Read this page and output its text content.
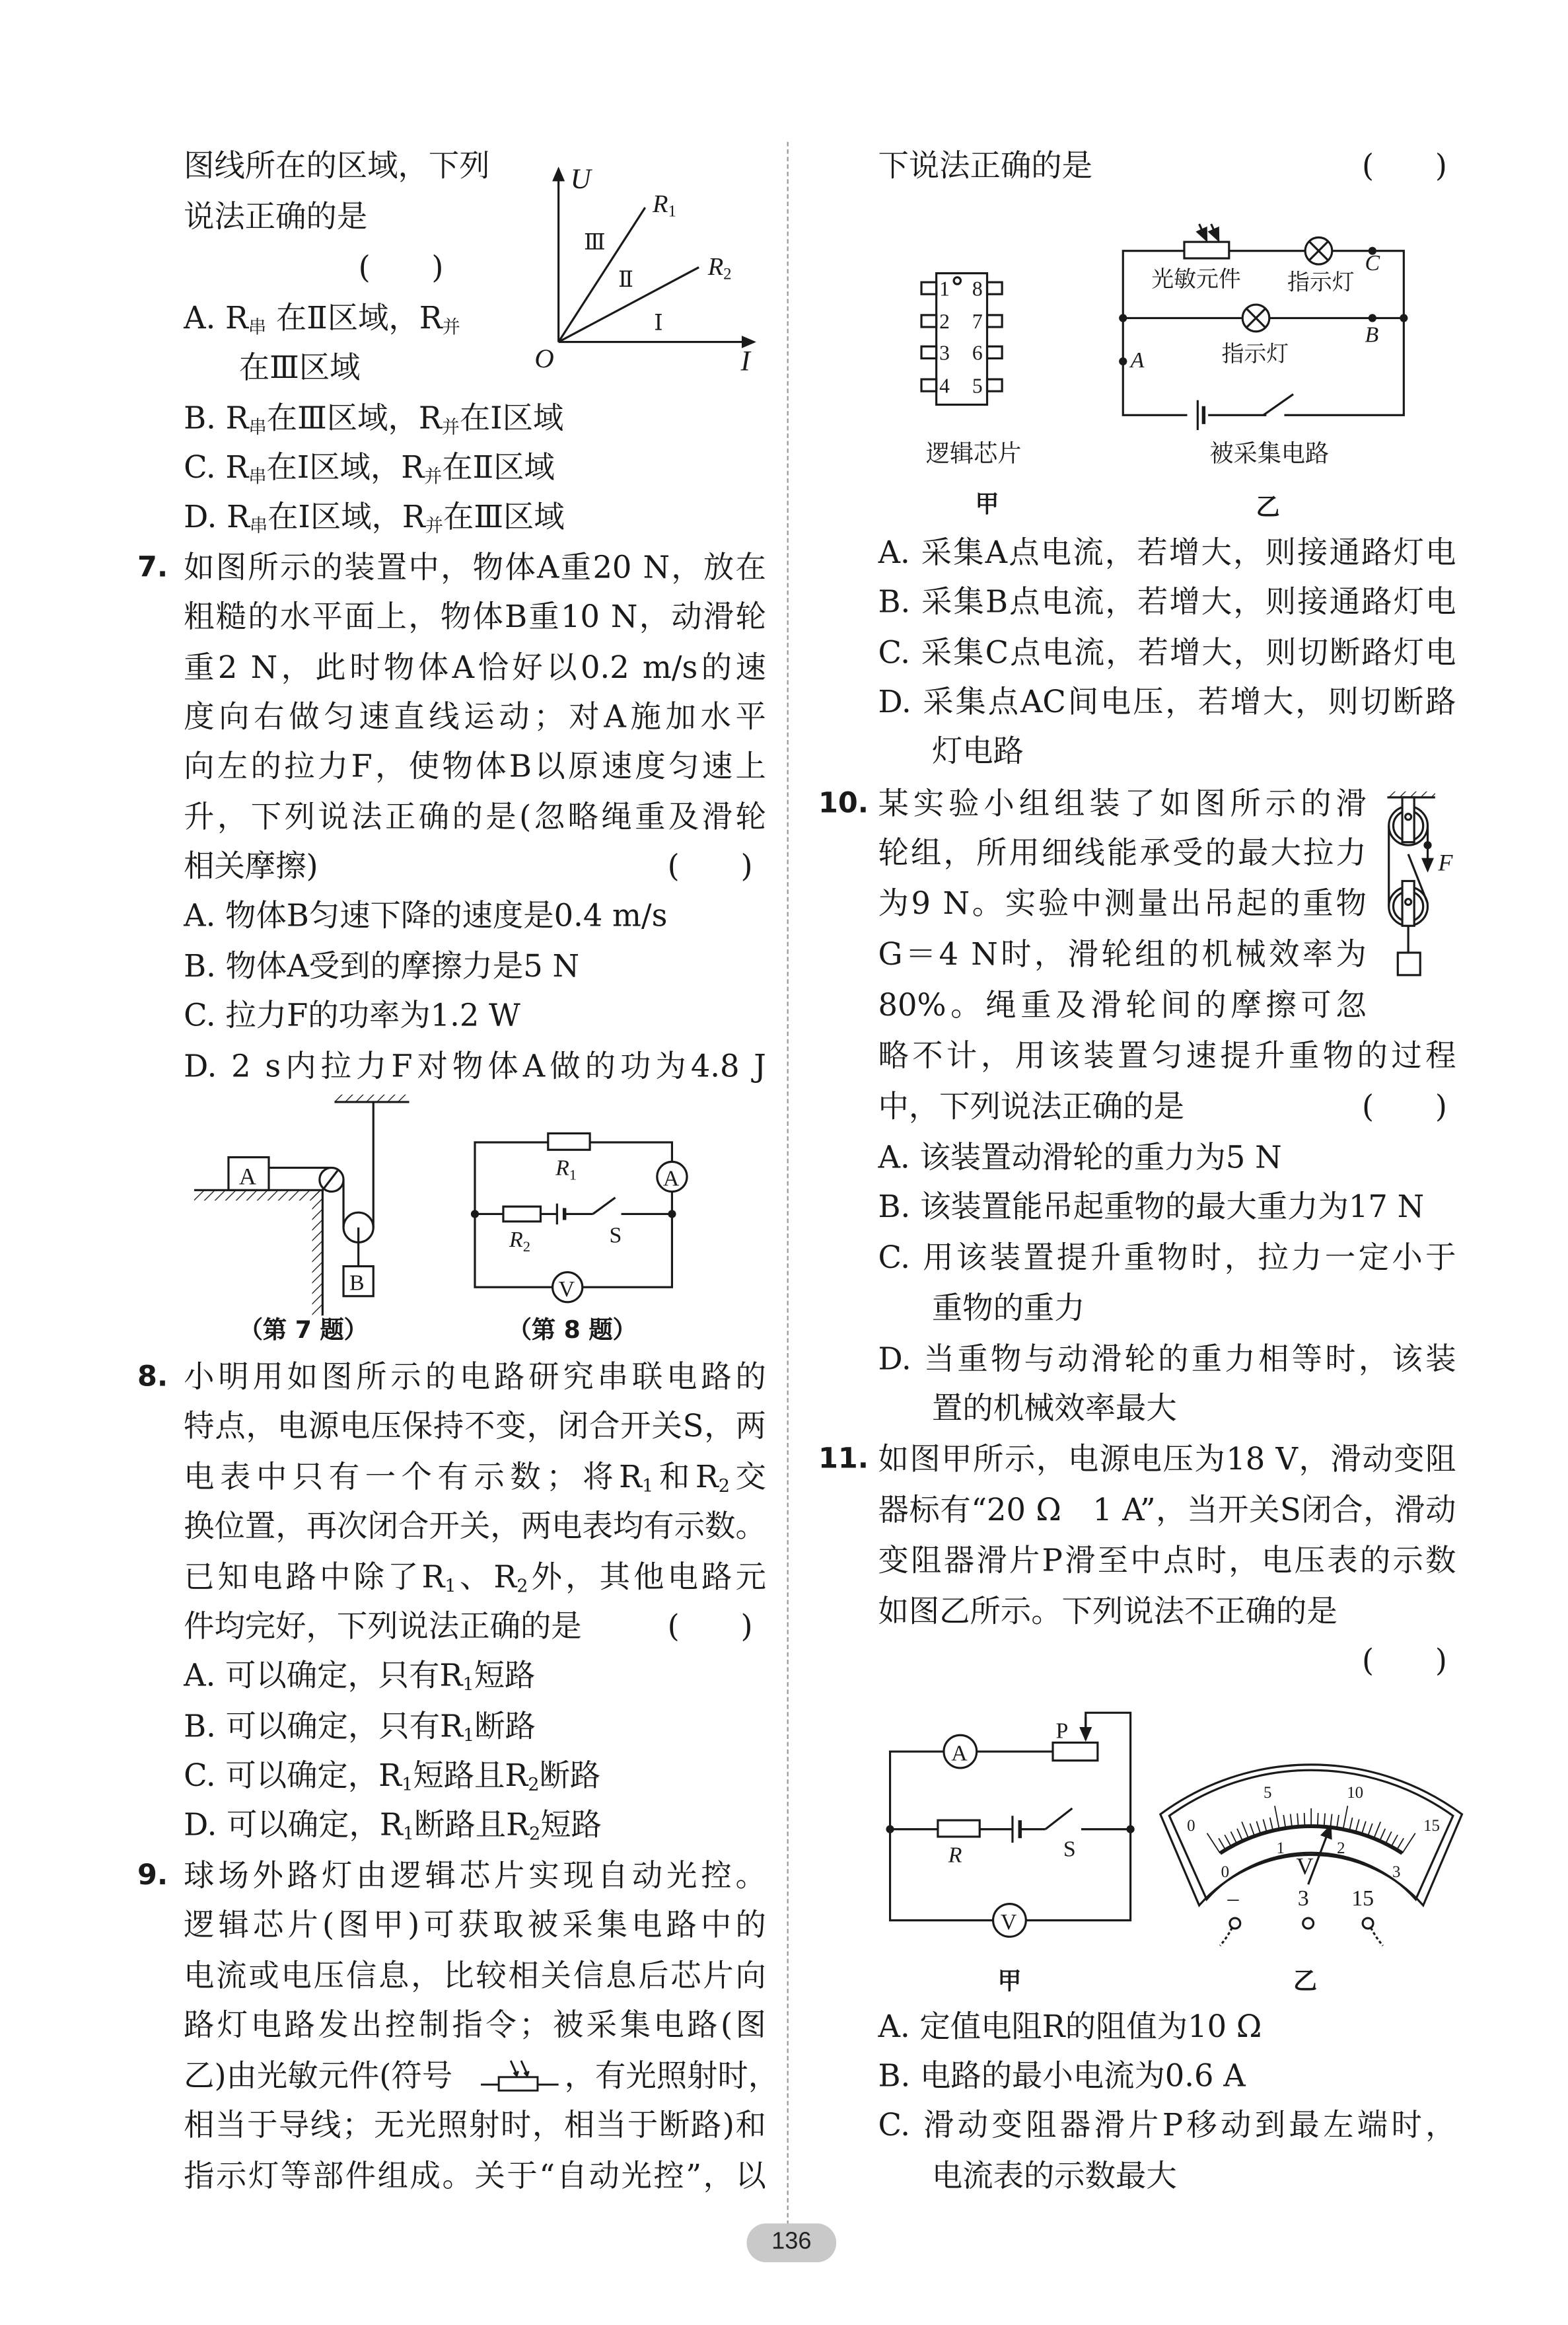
U
I
O
R1
R2
Ⅲ
Ⅱ
Ⅰ
A
B
A
V
$R_1$
$R_2$	S
1 8
2 7
3 6
4 5
光敏元件	指示灯
指示灯
C
B
A
逻辑芯片	被采集电路
甲	乙
F
A
P
R	S
V
甲
V
–	3	15
乙
0
5	10
15
0
1	2
3
图线所在的区域，下列
说法正确的是
(　　)
A. $R_串$ 在Ⅱ区域，$R_并$
在Ⅲ区域
B. $R_串$在Ⅲ区域，$R_并$在Ⅰ区域
C. $R_串$在Ⅰ区域，$R_并$在Ⅱ区域
D. $R_串$在Ⅰ区域，$R_并$在Ⅲ区域
7. 如图所示的装置中，物体A重20 N，放在
粗糙的水平面上，物体B重10 N，动滑轮
重2 N，此时物体A恰好以0.2 m/s的速
度向右做匀速直线运动；对A施加水平
向左的拉力F，使物体B以原速度匀速上
升，下列说法正确的是(忽略绳重及滑轮
相关摩擦)	(　　)
A. 物体B匀速下降的速度是0.4 m/s
B. 物体A受到的摩擦力是5 N
C. 拉力F的功率为1.2 W
D. 2 s内拉力F对物体A做的功为4.8 J
（第 7 题）	（第 8 题）
8. 小明用如图所示的电路研究串联电路的
特点，电源电压保持不变，闭合开关S，两
电表中只有一个有示数；将$R_1$和$R_2$交
换位置，再次闭合开关，两电表均有示数。
已知电路中除了$R_1$、$R_2$外，其他电路元
件均完好，下列说法正确的是	(　　)
A. 可以确定，只有$R_1$短路
B. 可以确定，只有$R_1$断路
C. 可以确定，$R_1$短路且$R_2$断路
D. 可以确定，$R_1$断路且$R_2$短路
9. 球场外路灯由逻辑芯片实现自动光控。
逻辑芯片(图甲)可获取被采集电路中的
电流或电压信息，比较相关信息后芯片向
路灯电路发出控制指令；被采集电路(图
乙)由光敏元件(符号	，有光照射时，
相当于导线；无光照射时，相当于断路)和
指示灯等部件组成。关于“自动光控”，以
下说法正确的是	(　　)
A. 采集A点电流，若增大，则接通路灯电
B. 采集B点电流，若增大，则接通路灯电
C. 采集C点电流，若增大，则切断路灯电
D. 采集点AC间电压，若增大，则切断路
灯电路
10. 某实验小组组装了如图所示的滑
轮组，所用细线能承受的最大拉力
为9 N。实验中测量出吊起的重物
G＝4 N时，滑轮组的机械效率为
80%。绳重及滑轮间的摩擦可忽
略不计，用该装置匀速提升重物的过程
中，下列说法正确的是	(　　)
A. 该装置动滑轮的重力为5 N
B. 该装置能吊起重物的最大重力为17 N
C. 用该装置提升重物时，拉力一定小于
重物的重力
D. 当重物与动滑轮的重力相等时，该装
置的机械效率最大
11. 如图甲所示，电源电压为18 V，滑动变阻
器标有“20 Ω　1 A”，当开关S闭合，滑动
变阻器滑片P滑至中点时，电压表的示数
如图乙所示。下列说法不正确的是
(　　)
A. 定值电阻R的阻值为10 Ω
B. 电路的最小电流为0.6 A
C. 滑动变阻器滑片P移动到最左端时，
电流表的示数最大
136
